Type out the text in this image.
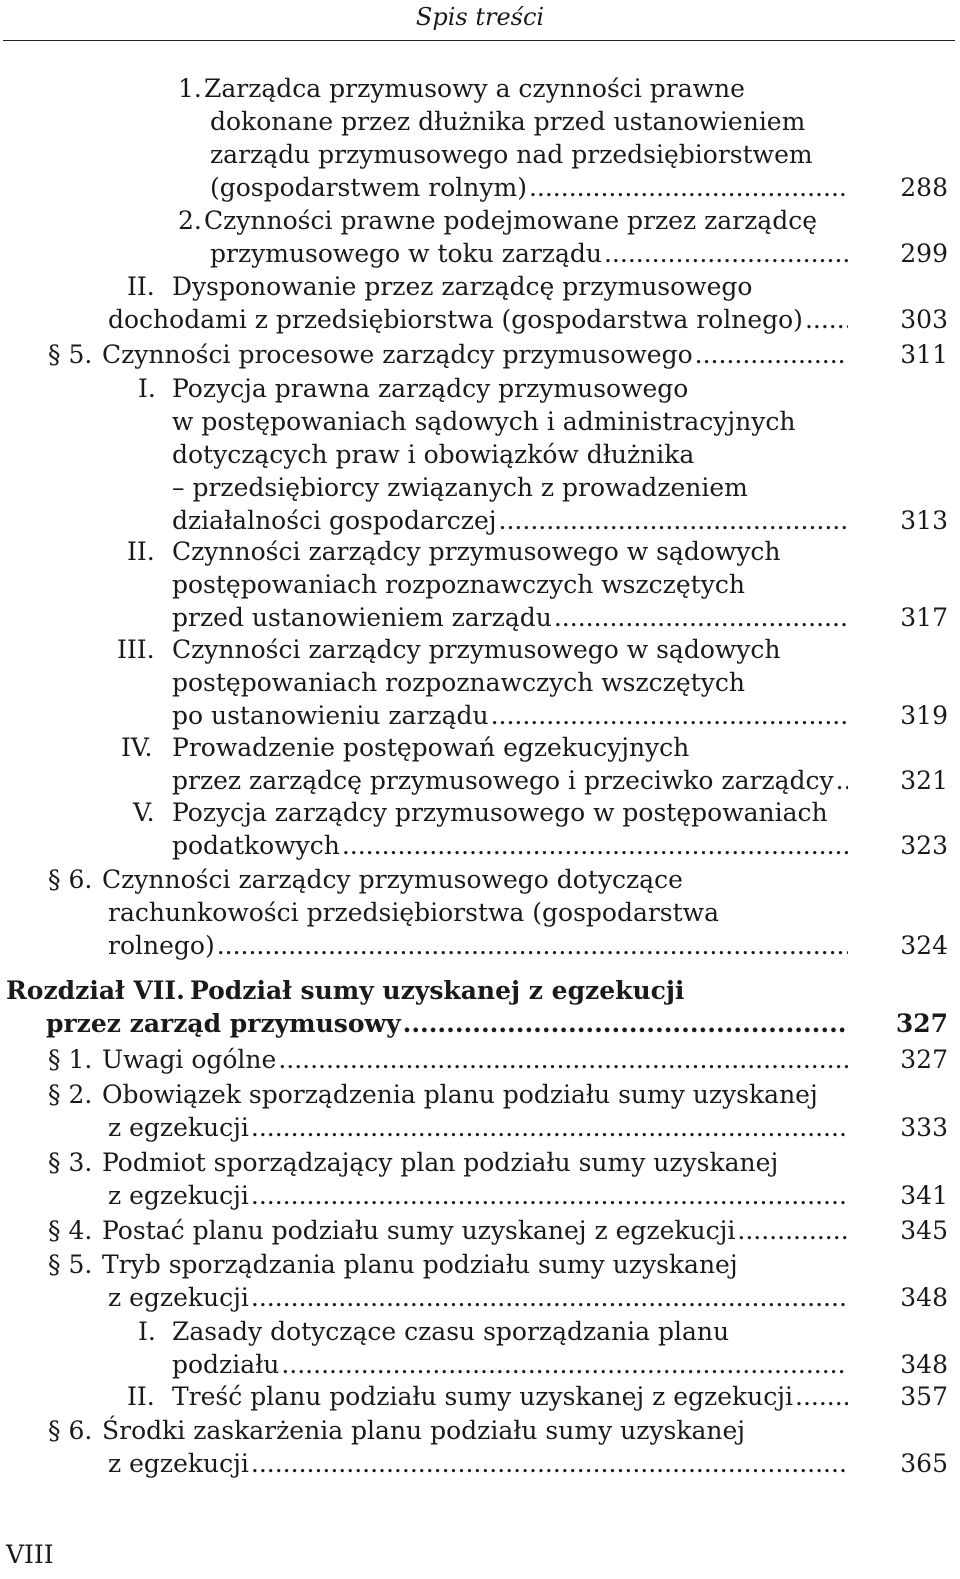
Spis treści
1. Zarządca przymusowy a czynności prawne
dokonane przez dłużnika przed ustanowieniem
zarządu przymusowego nad przedsiębiorstwem
(gospodarstwem rolnym)	288
.....
2. Czynności prawne podejmowane przez zarządcę
przymusowego w toku zarządu	299
.....
II. Dysponowanie przez zarządcę przymusowego
dochodami z przedsiębiorstwa (gospodarstwa rolnego)	303
.....
§ 5. Czynności procesowe zarządcy przymusowego	311
.....
I. Pozycja prawna zarządcy przymusowego
w postępowaniach sądowych i administracyjnych
dotyczących praw i obowiązków dłużnika
– przedsiębiorcy związanych z prowadzeniem
działalności gospodarczej	313
.....
II. Czynności zarządcy przymusowego w sądowych
postępowaniach rozpoznawczych wszczętych
przed ustanowieniem zarządu	317
.....
III. Czynności zarządcy przymusowego w sądowych
postępowaniach rozpoznawczych wszczętych
po ustanowieniu zarządu	319
.....
IV. Prowadzenie postępowań egzekucyjnych
przez zarządcę przymusowego i przeciwko zarządcy	321
.....
V. Pozycja zarządcy przymusowego w postępowaniach
podatkowych	323
.....
§ 6. Czynności zarządcy przymusowego dotyczące
rachunkowości przedsiębiorstwa (gospodarstwa
rolnego)	324
.....
Rozdział VII. Podział sumy uzyskanej z egzekucji
przez zarząd przymusowy	327
.....
§ 1. Uwagi ogólne	327
.....
§ 2. Obowiązek sporządzenia planu podziału sumy uzyskanej
z egzekucji	333
.....
§ 3. Podmiot sporządzający plan podziału sumy uzyskanej
z egzekucji	341
.....
§ 4. Postać planu podziału sumy uzyskanej z egzekucji	345
.....
§ 5. Tryb sporządzania planu podziału sumy uzyskanej
z egzekucji	348
.....
I. Zasady dotyczące czasu sporządzania planu
podziału	348
.....
II. Treść planu podziału sumy uzyskanej z egzekucji	357
.....
§ 6. Środki zaskarżenia planu podziału sumy uzyskanej
z egzekucji	365
.....
VIII
